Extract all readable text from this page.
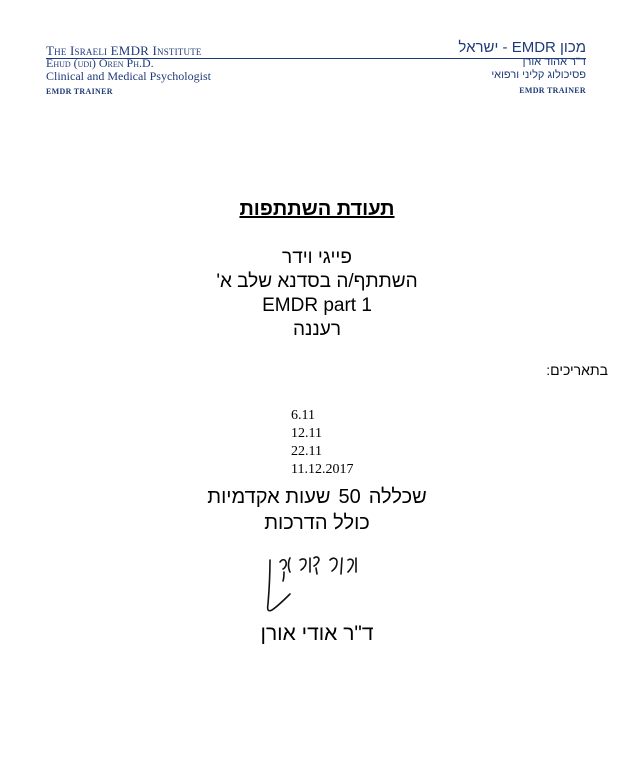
The Israeli EMDR Institute
Ehud (udi) Oren Ph.D.
Clinical and Medical Psychologist
EMDR TRAINER
מכון EMDR - ישראל
ד"ר אהוד אורן
פסיכולוג קליני ורפואי
EMDR TRAINER
תעודת השתתפות
פייגי וידר
השתתף/ה בסדנא שלב א'
EMDR part 1
רעננה
בתאריכים:
6.11
12.11
22.11
11.12.2017
שכללה50שעות אקדמיות
כולל הדרכות
ד"ר אודי אורן
